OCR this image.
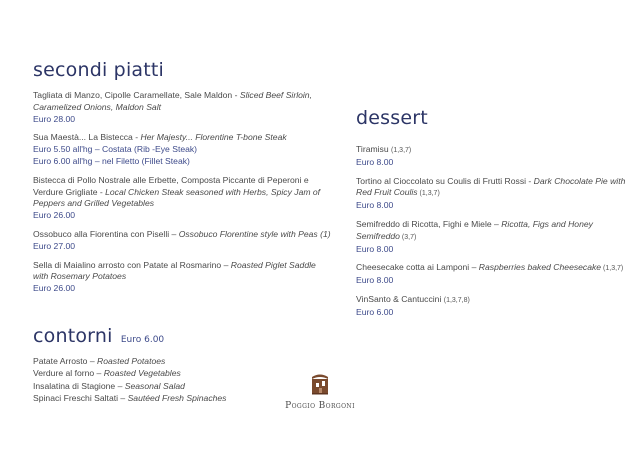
secondi piatti

Tagliata di Manzo, Cipolle Caramellate, Sale Maldon - Sliced Beef Sirloin, Caramelized Onions, Maldon Salt
Euro 28.00

Sua Maestà... La Bistecca - Her Majesty... Florentine T-bone Steak
Euro 5.50 all'hg – Costata (Rib -Eye Steak)
Euro 6.00 all'hg – nel Filetto (Fillet Steak)

Bistecca di Pollo Nostrale alle Erbette, Composta Piccante di Peperoni e Verdure Grigliate - Local Chicken Steak seasoned with Herbs, Spicy Jam of Peppers and Grilled Vegetables
Euro 26.00

Ossobuco alla Fiorentina con Piselli – Ossobuco Florentine style with Peas (1)
Euro 27.00

Sella di Maialino arrosto con Patate al Rosmarino – Roasted Piglet Saddle with Rosemary Potatoes
Euro 26.00

contorni Euro 6.00
Patate Arrosto – Roasted Potatoes
Verdure al forno – Roasted Vegetables
Insalatina di Stagione – Seasonal Salad
Spinaci Freschi Saltati – Sautéed Fresh Spinaches
dessert

Tiramisu (1,3,7)
Euro 8.00

Tortino al Cioccolato su Coulis di Frutti Rossi - Dark Chocolate Pie with Red Fruit Coulis (1,3,7)
Euro 8.00

Semifreddo di Ricotta, Fighi e Miele – Ricotta, Figs and Honey Semifreddo (3,7)
Euro 8.00

Cheesecake cotta ai Lamponi – Raspberries baked Cheesecake (1,3,7)
Euro 8.00

VinSanto & Cantuccini (1,3,7,8)
Euro 6.00

Poggio Borgoni
